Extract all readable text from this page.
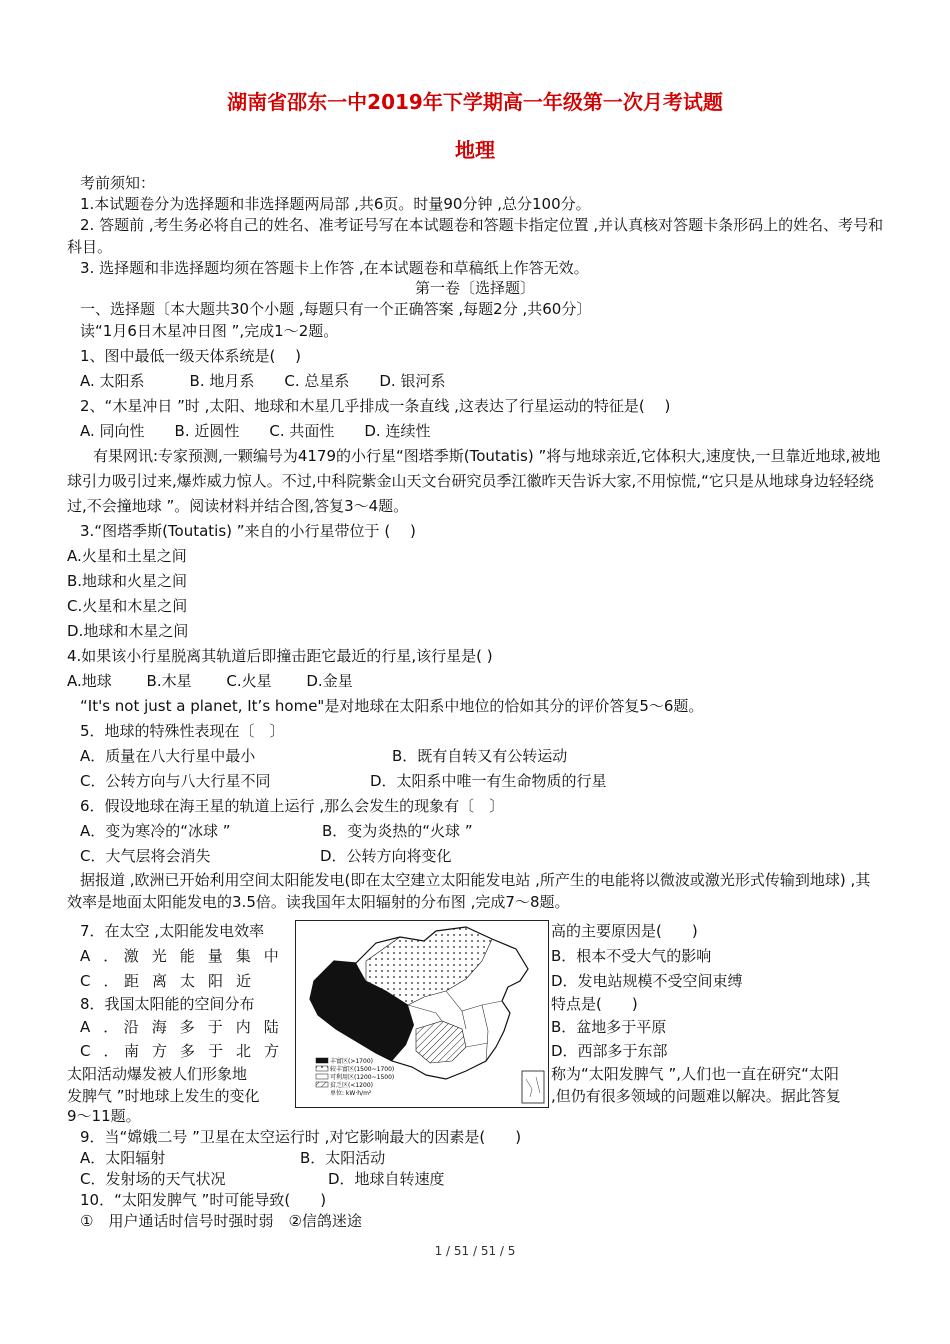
湖南省邵东一中2019年下学期高一年级第一次月考试题
地理
考前须知：
1.本试题卷分为选择题和非选择题两局部 ,共6页。时量90分钟 ,总分100分。
2. 答题前 ,考生务必将自己的姓名、准考证号写在本试题卷和答题卡指定位置 ,并认真核对答题卡条形码上的姓名、考号和科目。
3. 选择题和非选择题均须在答题卡上作答 ,在本试题卷和草稿纸上作答无效。
第一卷〔选择题〕
一、选择题〔本大题共30个小题 ,每题只有一个正确答案 ,每题2分 ,共60分〕
读“1月6日木星冲日图 ”,完成1～2题。
1、图中最低一级天体系统是(　 )
A. 太阳系　　　B. 地月系　　C. 总星系　　D. 银河系
2、“木星冲日 ”时 ,太阳、地球和木星几乎排成一条直线 ,这表达了行星运动的特征是(　 )
A. 同向性　　B. 近圆性　　C. 共面性　　D. 连续性
有果网讯:专家预测,一颗编号为4179的小行星“图塔季斯(Toutatis) ”将与地球亲近,它体积大,速度快,一旦靠近地球,被地球引力吸引过来,爆炸威力惊人。不过,中科院紫金山天文台研究员季江徽昨天告诉大家,不用惊慌,“它只是从地球身边轻轻绕过,不会撞地球 ”。阅读材料并结合图,答复3～4题。
3.“图塔季斯(Toutatis) ”来自的小行星带位于 (　 )
A.火星和土星之间
B.地球和火星之间
C.火星和木星之间
D.地球和木星之间
4.如果该小行星脱离其轨道后即撞击距它最近的行星,该行星是( )
A.地球　　 B.木星　　 C.火星　　 D.金星
“It's not just a planet, It’s home"是对地球在太阳系中地位的恰如其分的评价答复5～6题。
5．地球的特殊性表现在〔　〕
A．质量在八大行星中最小	B．既有自转又有公转运动
C．公转方向与八大行星不同	D．太阳系中唯一有生命物质的行星
6．假设地球在海王星的轨道上运行 ,那么会发生的现象有〔　〕
A．变为寒冷的“冰球 ”	B．变为炎热的“火球 ”
C．大气层将会消失	D．公转方向将变化
据报道 ,欧洲已开始利用空间太阳能发电(即在太空建立太阳能发电站 ,所产生的电能将以微波或激光形式传输到地球) ,其效率是地面太阳能发电的3.5倍。读我国年太阳辐射的分布图 ,完成7～8题。
7．在太空 ,太阳能发电效率	高的主要原因是(　　)
A　．　激　光　能　量　集　中	B．根本不受大气的影响
C　．　距　离　太　阳　近	D．发电站规模不受空间束缚
8．我国太阳能的空间分布	特点是(　　)
A　．　沿　海　多　于　内　陆	B．盆地多于平原
C　．　南　方　多　于　北　方	D．西部多于东部
太阳活动爆发被人们形象地	称为“太阳发脾气 ”,人们也一直在研究“太阳
发脾气 ”时地球上发生的变化	,但仍有很多领域的问题难以解决。据此答复
9～11题。
9．当“嫦娥二号 ”卫星在太空运行时 ,对它影响最大的因素是(　　)
A．太阳辐射	B．太阳活动
C．发射场的天气状况	D．地球自转速度
10．“太阳发脾气 ”时可能导致(　　)
①　用户通话时信号时强时弱　②信鸽迷途
丰富区(>1700)
较丰富区(1500~1700)
可利用区(1200~1500)
贫乏区(<1200)
单位: kW·h/m²
1 / 51 / 51 / 5
